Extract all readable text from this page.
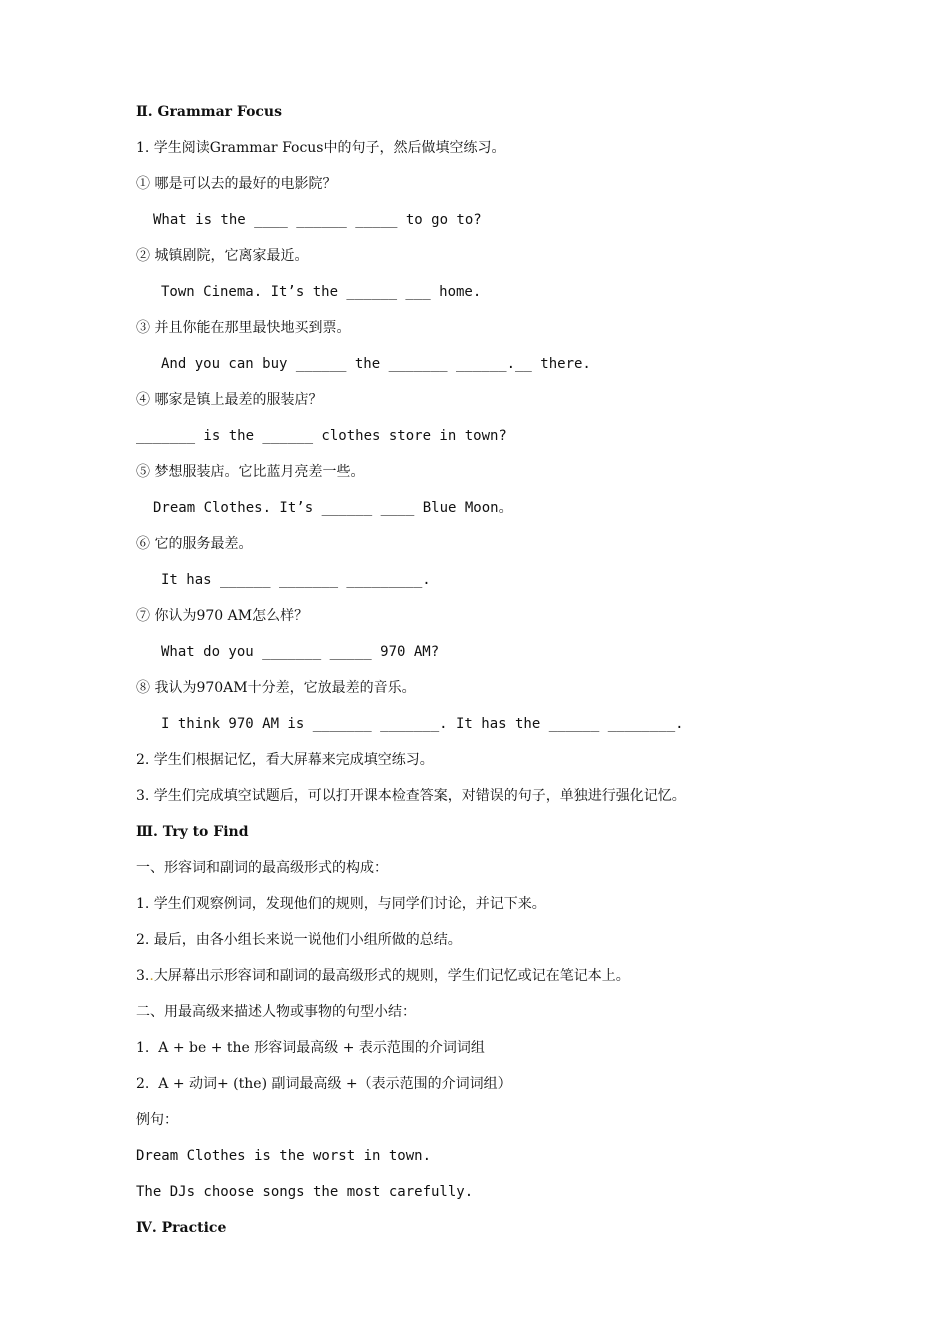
Ⅱ. Grammar Focus
1. 学生阅读Grammar Focus中的句子，然后做填空练习。
① 哪是可以去的最好的电影院？
What is the ____ ______ _____ to go to?
② 城镇剧院，它离家最近。
Town Cinema. It’s the ______ ___ home.
③ 并且你能在那里最快地买到票。
And you can buy ______ the _______ ______.__ there.
④ 哪家是镇上最差的服装店？
_______ is the ______ clothes store in town?
⑤ 梦想服装店。它比蓝月亮差一些。
Dream Clothes. It’s ______ ____ Blue Moon。
⑥ 它的服务最差。
It has ______ _______ _________.
⑦ 你认为970 AM怎么样？
What do you _______ _____ 970 AM?
⑧ 我认为970AM十分差，它放最差的音乐。
I think 970 AM is _______ _______. It has the ______ ________.
2. 学生们根据记忆，看大屏幕来完成填空练习。
3. 学生们完成填空试题后，可以打开课本检查答案，对错误的句子，单独进行强化记忆。
Ⅲ. Try to Find
一、形容词和副词的最高级形式的构成：
1. 学生们观察例词，发现他们的规则，与同学们讨论，并记下来。
2. 最后，由各小组长来说一说他们小组所做的总结。
3..大屏幕出示形容词和副词的最高级形式的规则，学生们记忆或记在笔记本上。
二、用最高级来描述人物或事物的句型小结：
1.  A + be + the 形容词最高级 + 表示范围的介词词组
2.  A + 动词+ (the) 副词最高级 +（表示范围的介词词组）
例句：
Dream Clothes is the worst in town.
The DJs choose songs the most carefully.
Ⅳ. Practice
